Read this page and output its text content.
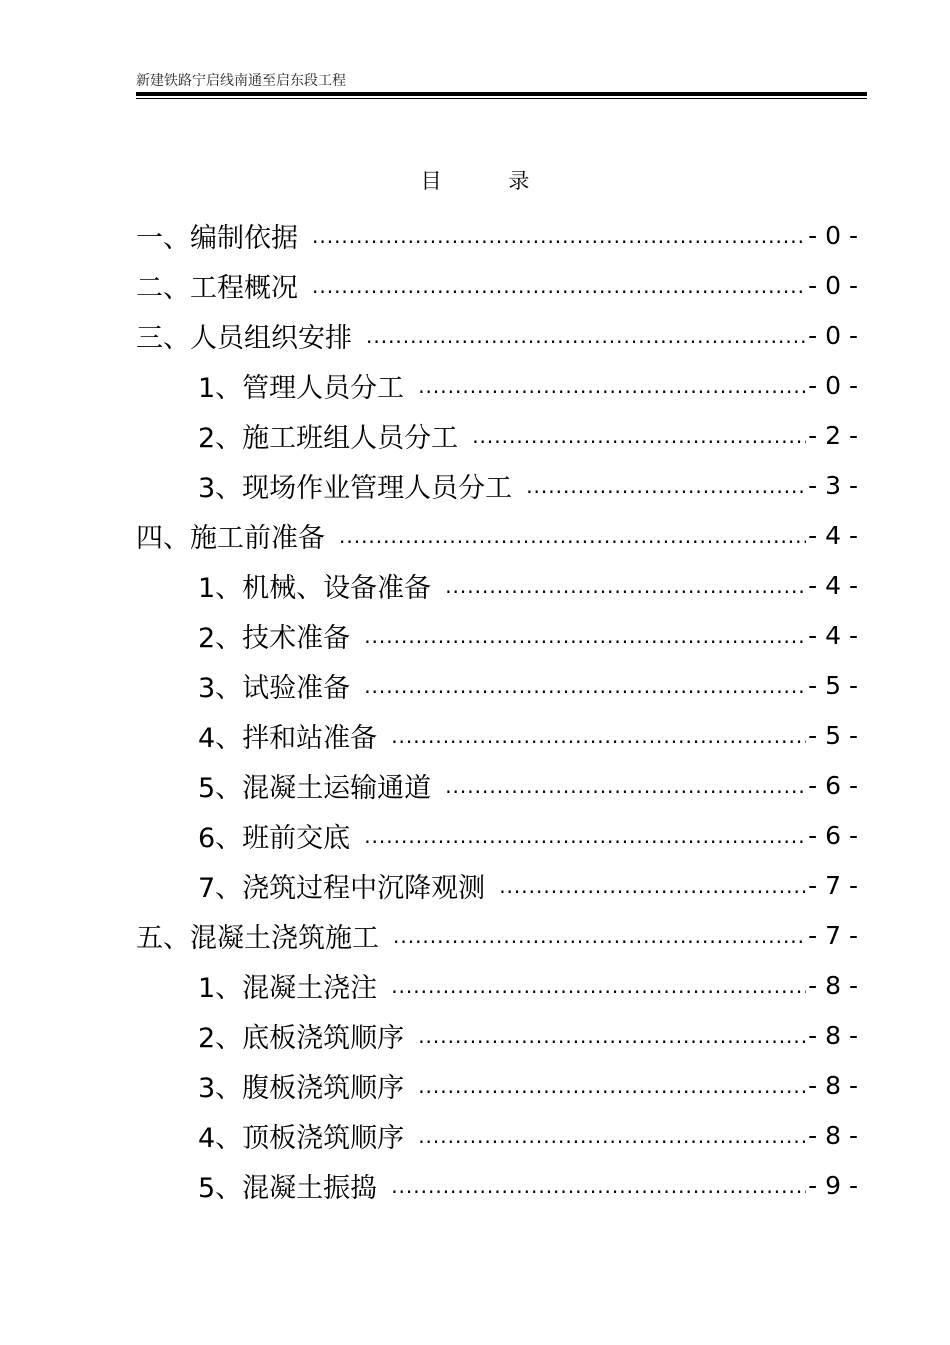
新建铁路宁启线南通至启东段工程
目	录
一、编制依据 .....	- 0 -
二、工程概况 .....	- 0 -
三、人员组织安排 .....	- 0 -
1、管理人员分工 .....	- 0 -
2、施工班组人员分工 .....	- 2 -
3、现场作业管理人员分工 .....	- 3 -
四、施工前准备 .....	- 4 -
1、机械、设备准备 .....	- 4 -
2、技术准备 .....	- 4 -
3、试验准备 .....	- 5 -
4、拌和站准备 .....	- 5 -
5、混凝土运输通道 .....	- 6 -
6、班前交底 .....	- 6 -
7、浇筑过程中沉降观测 .....	- 7 -
五、混凝土浇筑施工 .....	- 7 -
1、混凝土浇注 .....	- 8 -
2、底板浇筑顺序 .....	- 8 -
3、腹板浇筑顺序 .....	- 8 -
4、顶板浇筑顺序 .....	- 8 -
5、混凝土振捣 .....	- 9 -
